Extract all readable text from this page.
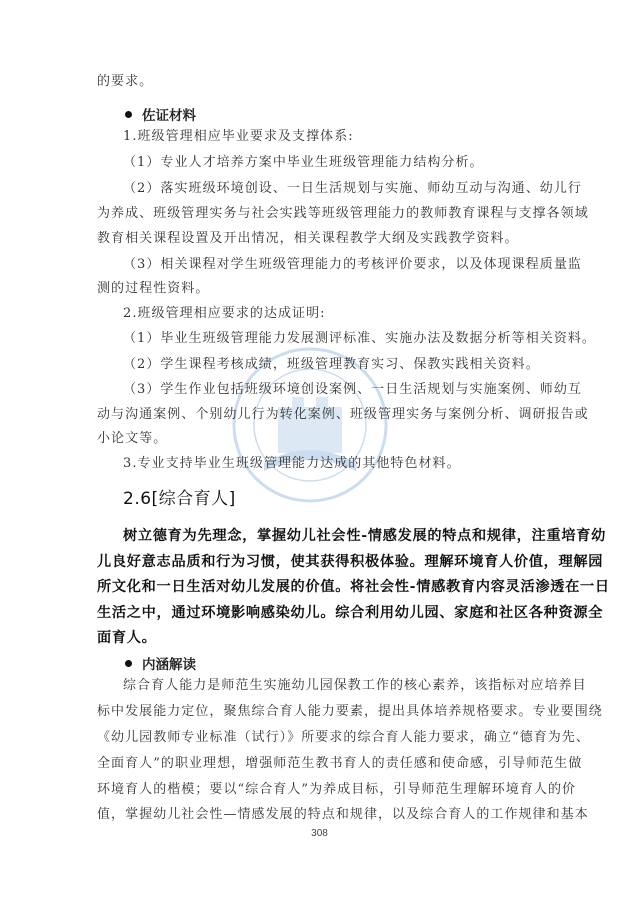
的要求。
佐证材料
1.班级管理相应毕业要求及支撑体系:
（1）专业人才培养方案中毕业生班级管理能力结构分析。
（2）落实班级环境创设、一日生活规划与实施、师幼互动与沟通、幼儿行
为养成、班级管理实务与社会实践等班级管理能力的教师教育课程与支撑各领域
教育相关课程设置及开出情况，相关课程教学大纲及实践教学资料。
（3）相关课程对学生班级管理能力的考核评价要求，以及体现课程质量监
测的过程性资料。
2.班级管理相应要求的达成证明:
（1）毕业生班级管理能力发展测评标准、实施办法及数据分析等相关资料。
（2）学生课程考核成绩，班级管理教育实习、保教实践相关资料。
（3）学生作业包括班级环境创设案例、一日生活规划与实施案例、师幼互
动与沟通案例、个别幼儿行为转化案例、班级管理实务与案例分析、调研报告或
小论文等。
3.专业支持毕业生班级管理能力达成的其他特色材料。
2.6[综合育人]
树立德育为先理念，掌握幼儿社会性-情感发展的特点和规律，注重培育幼
儿良好意志品质和行为习惯，使其获得积极体验。理解环境育人价值，理解园
所文化和一日生活对幼儿发展的价值。将社会性-情感教育内容灵活渗透在一日
生活之中，通过环境影响感染幼儿。综合利用幼儿园、家庭和社区各种资源全
面育人。
内涵解读
综合育人能力是师范生实施幼儿园保教工作的核心素养，该指标对应培养目
标中发展能力定位，聚焦综合育人能力要素，提出具体培养规格要求。专业要围绕
《幼儿园教师专业标准（试行）》所要求的综合育人能力要求，确立“德育为先、
全面育人”的职业理想，增强师范生教书育人的责任感和使命感，引导师范生做
环境育人的楷模；要以“综合育人”为养成目标，引导师范生理解环境育人的价
值，掌握幼儿社会性—情感发展的特点和规律，以及综合育人的工作规律和基本
308
